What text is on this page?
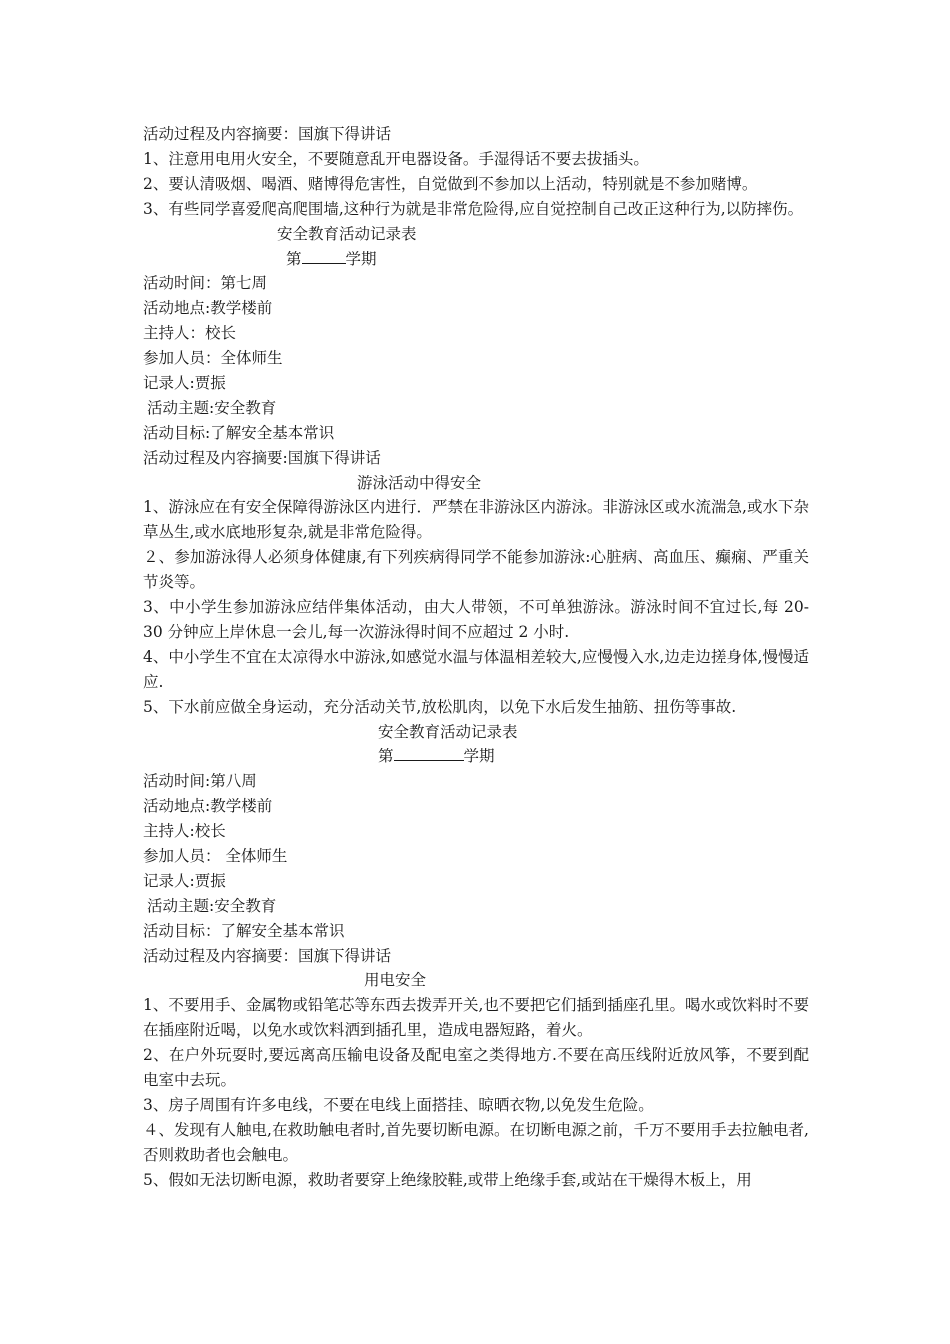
活动过程及内容摘要：国旗下得讲话
1、注意用电用火安全，不要随意乱开电器设备。手湿得话不要去拔插头。
2、要认清吸烟、喝酒、赌博得危害性，自觉做到不参加以上活动，特别就是不参加赌博。
3、有些同学喜爱爬高爬围墙,这种行为就是非常危险得,应自觉控制自己改正这种行为,以防摔伤。
安全教育活动记录表
第	学期
活动时间：第七周
活动地点:教学楼前
主持人：校长
参加人员：全体师生
记录人:贾振
活动主题:安全教育
活动目标:了解安全基本常识
活动过程及内容摘要:国旗下得讲话
游泳活动中得安全
1、游泳应在有安全保障得游泳区内进行．严禁在非游泳区内游泳。非游泳区或水流湍急,或水下杂草丛生,或水底地形复杂,就是非常危险得。
２、参加游泳得人必须身体健康,有下列疾病得同学不能参加游泳:心脏病、高血压、癫痫、严重关节炎等。
3、中小学生参加游泳应结伴集体活动，由大人带领，不可单独游泳。游泳时间不宜过长,每 20-30 分钟应上岸休息一会儿,每一次游泳得时间不应超过 2 小时.
4、中小学生不宜在太凉得水中游泳,如感觉水温与体温相差较大,应慢慢入水,边走边搓身体,慢慢适应.
5、下水前应做全身运动，充分活动关节,放松肌肉，以免下水后发生抽筋、扭伤等事故.
安全教育活动记录表
第	学期
活动时间:第八周
活动地点:教学楼前
主持人:校长
参加人员： 全体师生
记录人:贾振
活动主题:安全教育
活动目标：了解安全基本常识
活动过程及内容摘要：国旗下得讲话
用电安全
1、不要用手、金属物或铅笔芯等东西去拨弄开关,也不要把它们插到插座孔里。喝水或饮料时不要在插座附近喝，以免水或饮料洒到插孔里，造成电器短路，着火。
2、在户外玩耍时,要远离高压输电设备及配电室之类得地方.不要在高压线附近放风筝，不要到配电室中去玩。
3、房子周围有许多电线，不要在电线上面搭挂、晾晒衣物,以免发生危险。
４、发现有人触电,在救助触电者时,首先要切断电源。在切断电源之前，千万不要用手去拉触电者,否则救助者也会触电。
5、假如无法切断电源，救助者要穿上绝缘胶鞋,或带上绝缘手套,或站在干燥得木板上，用
